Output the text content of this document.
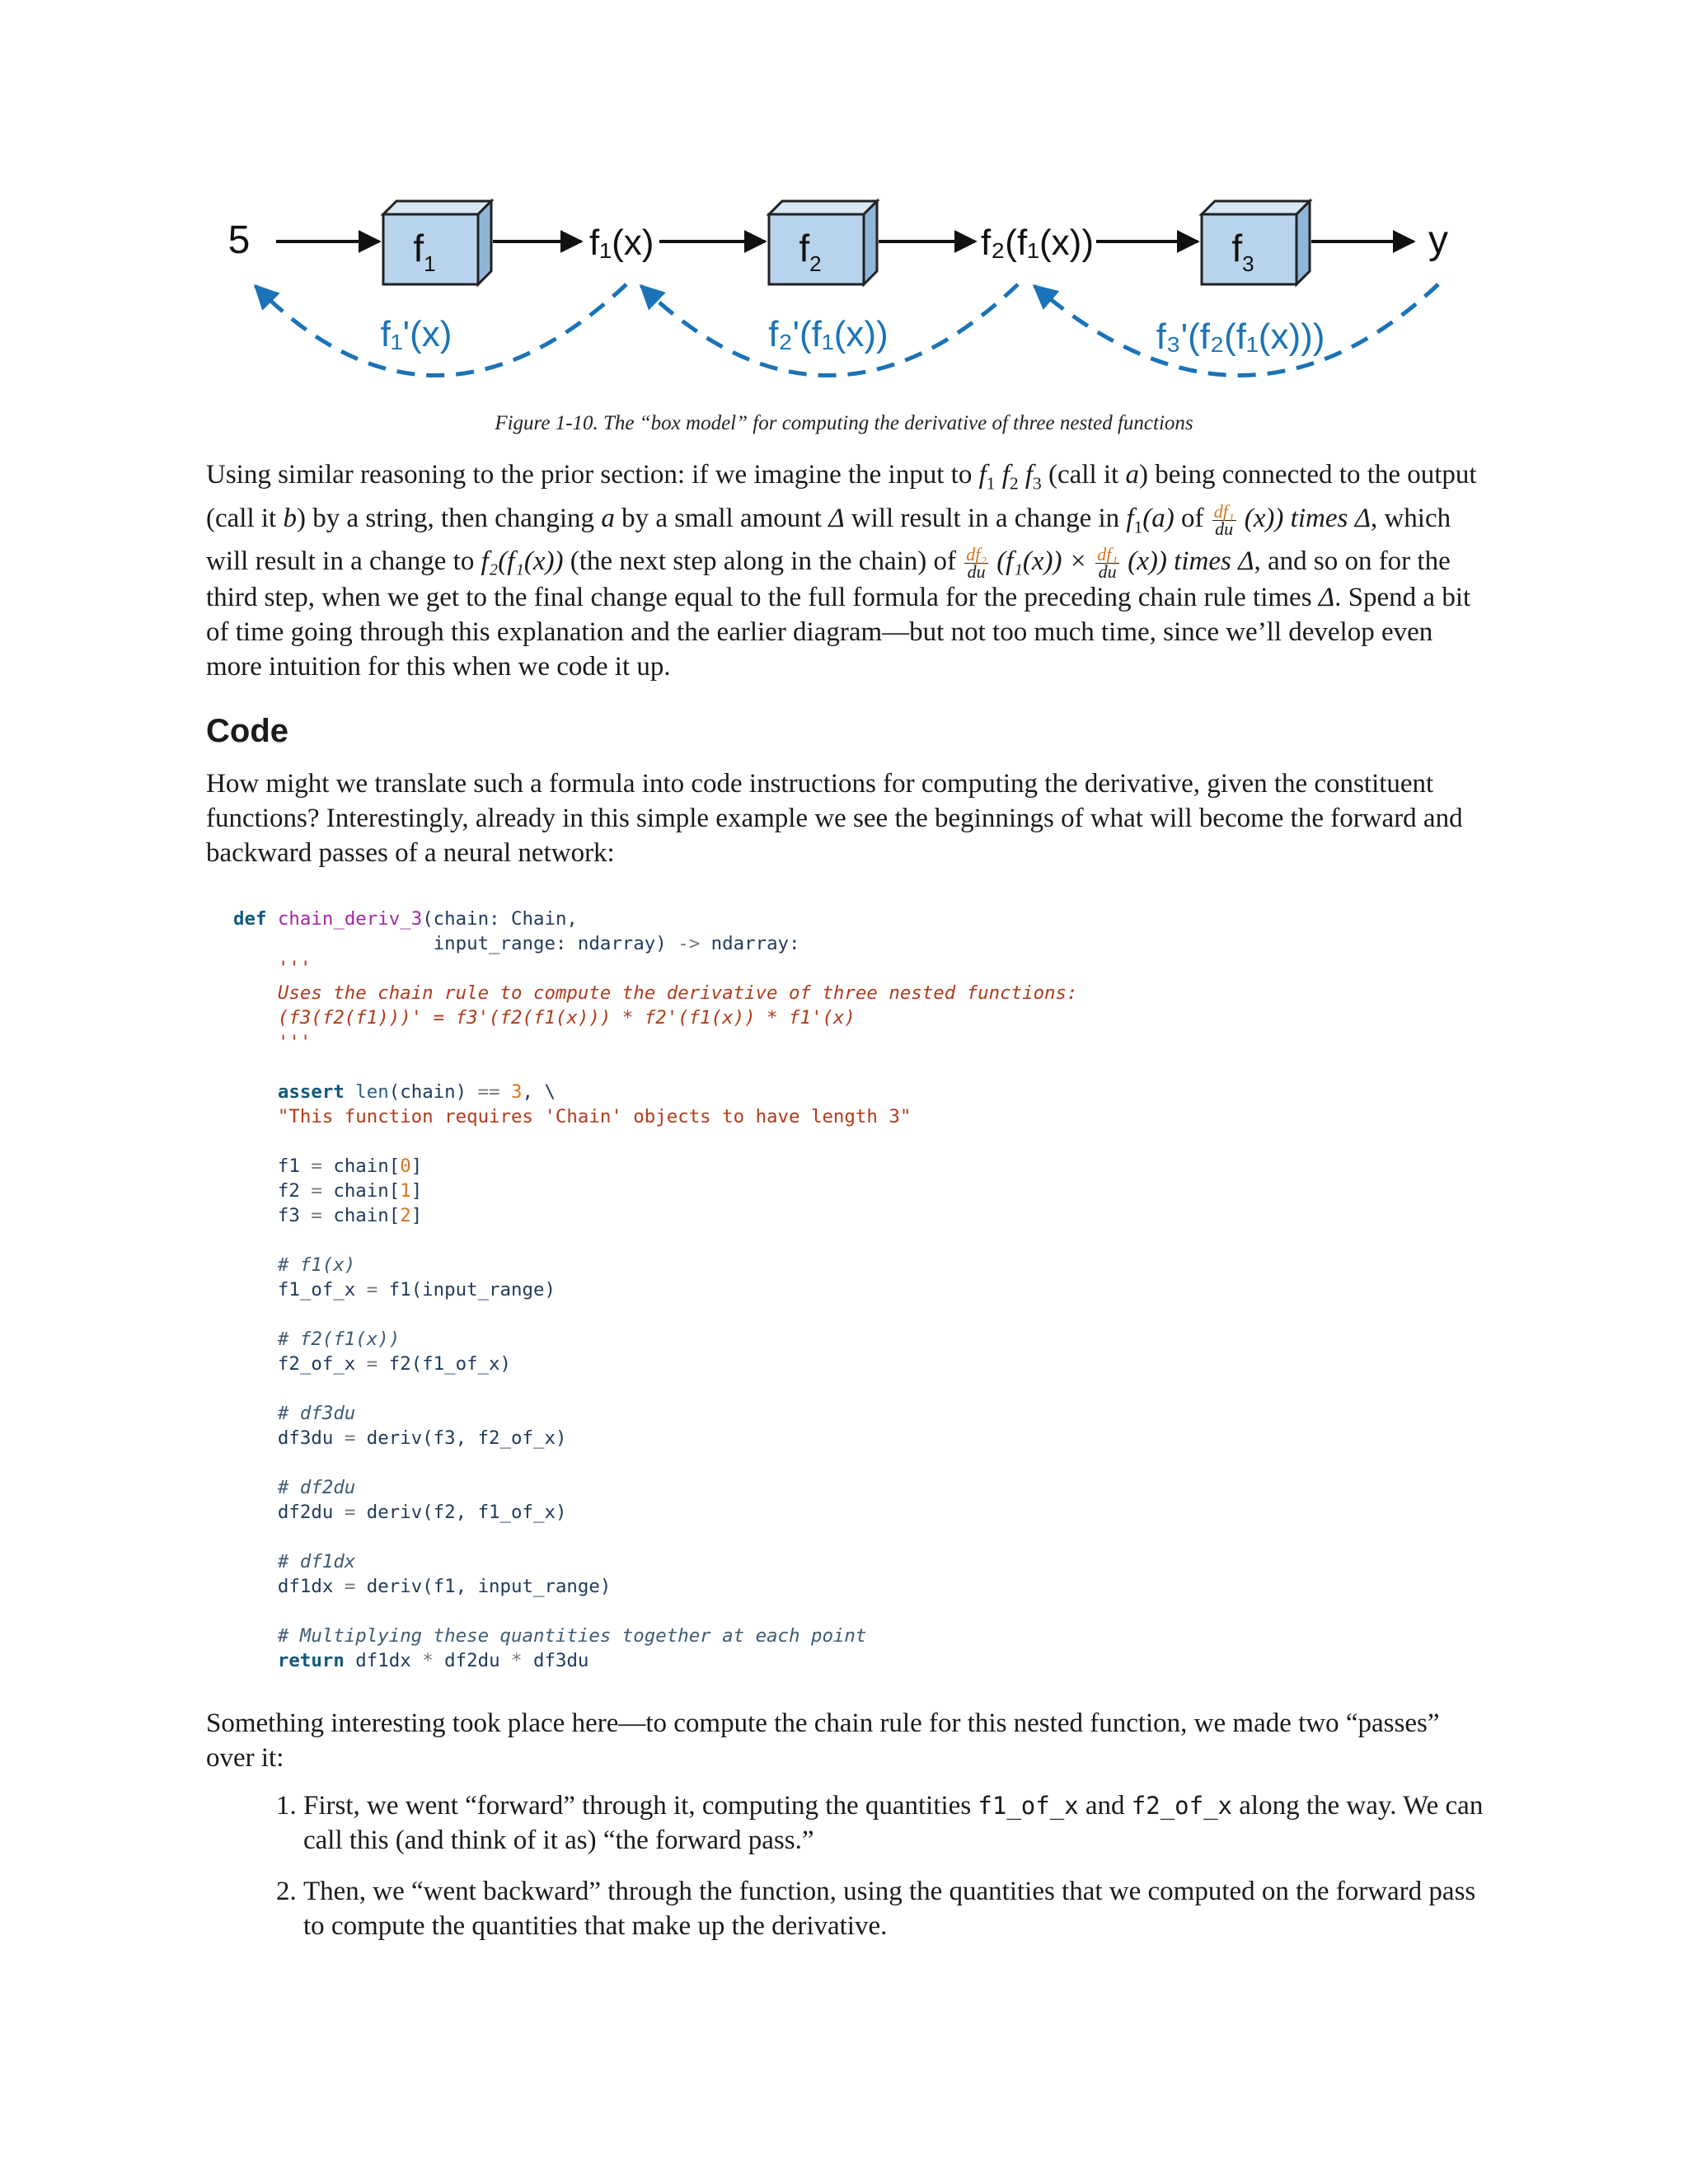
5	$f_1$
f₁(x)	$f_2$
f₂(f₁(x))	$f_3$
y
f₁'(x)	f₂'(f₁(x))	f₃'(f₂(f₁(x)))
Figure 1-10. The “box model” for computing the derivative of three nested functions

Using similar reasoning to the prior section: if we imagine the input to $f_1$ $f_2$ $f_3$ (call it a) being connected to the output (call it b) by a string, then changing a by a small amount Δ will result in a change in $f_1(a)$ of $\frac{\text{df₁}}{du} (x)$) times Δ, which will result in a change to f₂(f₁(x)) (the next step along in the chain) of $\frac{\text{df₂}}{du} (f_1(x)) \times \frac{\text{df₁}}{du} (x)$) times Δ, and so on for the third step, when we get to the final change equal to the full formula for the preceding chain rule times Δ. Spend a bit of time going through this explanation and the earlier diagram—but not too much time, since we’ll develop even more intuition for this when we code it up.

Code

How might we translate such a formula into code instructions for computing the derivative, given the constituent functions? Interestingly, already in this simple example we see the beginnings of what will become the forward and backward passes of a neural network:

def chain_deriv_3(chain: Chain,
input_range: ndarray) -> ndarray:
'''
Uses the chain rule to compute the derivative of three nested functions:
(f3(f2(f1)))' = f3'(f2(f1(x))) * f2'(f1(x)) * f1'(x)
'''
assert len(chain) == 3, \
"This function requires 'Chain' objects to have length 3"
f1 = chain[0]
f2 = chain[1]
f3 = chain[2]
# f1(x)
f1_of_x = f1(input_range)
# f2(f1(x))
f2_of_x = f2(f1_of_x)
# df3du
df3du = deriv(f3, f2_of_x)
# df2du
df2du = deriv(f2, f1_of_x)
# df1dx
df1dx = deriv(f1, input_range)
# Multiplying these quantities together at each point
return df1dx * df2du * df3du

Something interesting took place here—to compute the chain rule for this nested function, we made two “passes” over it:

1. First, we went “forward” through it, computing the quantities f1_of_x and f2_of_x along the way. We can call this (and think of it as) “the forward pass.”
2. Then, we “went backward” through the function, using the quantities that we computed on the forward pass to compute the quantities that make up the derivative.
